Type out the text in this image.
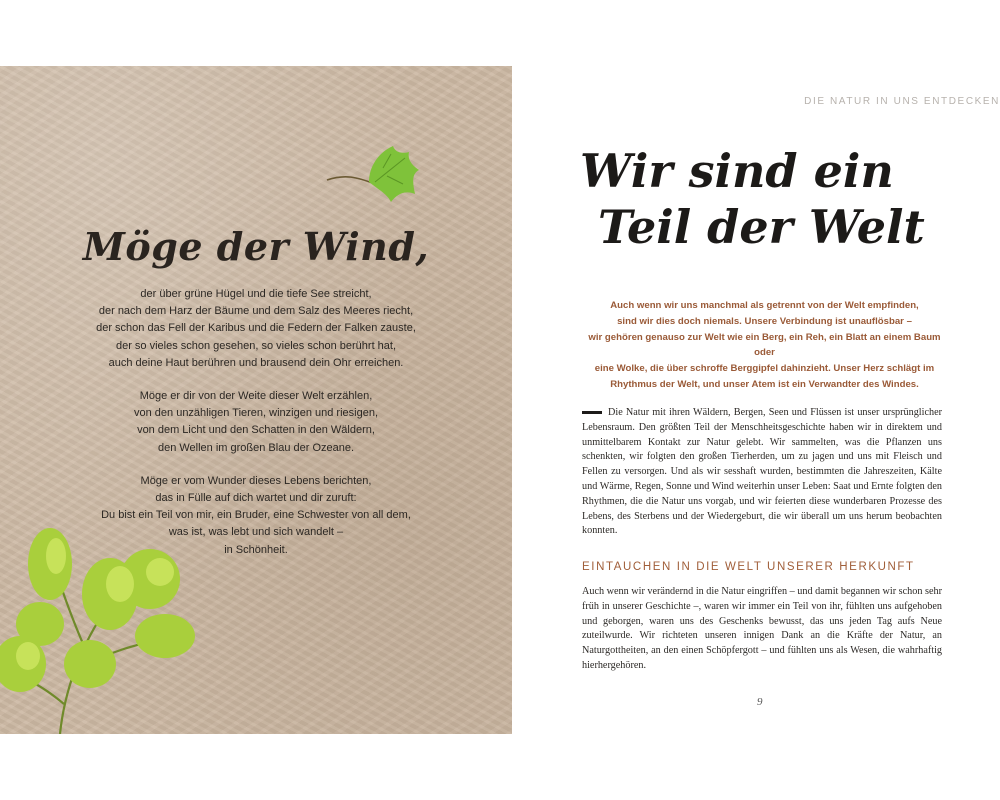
Möge der Wind,

der über grüne Hügel und die tiefe See streicht,
der nach dem Harz der Bäume und dem Salz des Meeres riecht,
der schon das Fell der Karibus und die Federn der Falken zauste,
der so vieles schon gesehen, so vieles schon berührt hat,
auch deine Haut berühren und brausend dein Ohr erreichen.

Möge er dir von der Weite dieser Welt erzählen,
von den unzähligen Tieren, winzigen und riesigen,
von dem Licht und den Schatten in den Wäldern,
den Wellen im großen Blau der Ozeane.

Möge er vom Wunder dieses Lebens berichten,
das in Fülle auf dich wartet und dir zuruft:
Du bist ein Teil von mir, ein Bruder, eine Schwester von all dem,
was ist, was lebt und sich wandelt –
in Schönheit.

DIE NATUR IN UNS ENTDECKEN
Wir sind ein
Teil der Welt
Auch wenn wir uns manchmal als getrennt von der Welt empfinden,
sind wir dies doch niemals. Unsere Verbindung ist unauflösbar –
wir gehören genauso zur Welt wie ein Berg, ein Reh, ein Blatt an einem Baum oder
eine Wolke, die über schroffe Berggipfel dahinzieht. Unser Herz schlägt im
Rhythmus der Welt, und unser Atem ist ein Verwandter des Windes.

Die Natur mit ihren Wäldern, Bergen, Seen und Flüssen ist unser ursprünglicher Lebensraum. Den größten Teil der Menschheitsgeschichte haben wir in direktem und unmittelbarem Kontakt zur Natur gelebt. Wir sammelten, was die Pflanzen uns schenkten, wir folgten den großen Tierherden, um zu jagen und uns mit Fleisch und Fellen zu versorgen. Und als wir sesshaft wurden, bestimmten die Jahreszeiten, Kälte und Wärme, Regen, Sonne und Wind weiterhin unser Leben: Saat und Ernte folgten den Rhythmen, die die Natur uns vorgab, und wir feierten diese wunderbaren Prozesse des Lebens, des Sterbens und der Wiedergeburt, die wir überall um uns herum beobachten konnten.

EINTAUCHEN IN DIE WELT UNSERER HERKUNFT

Auch wenn wir verändernd in die Natur eingriffen – und damit begannen wir schon sehr früh in unserer Geschichte –, waren wir immer ein Teil von ihr, fühlten uns aufgehoben und geborgen, waren uns des Geschenks bewusst, das uns jeden Tag aufs Neue zuteilwurde. Wir richteten unseren innigen Dank an die Kräfte der Natur, an Naturgottheiten, an den einen Schöpfergott – und fühlten uns als Wesen, die wahrhaftig hierhergehören.

9
